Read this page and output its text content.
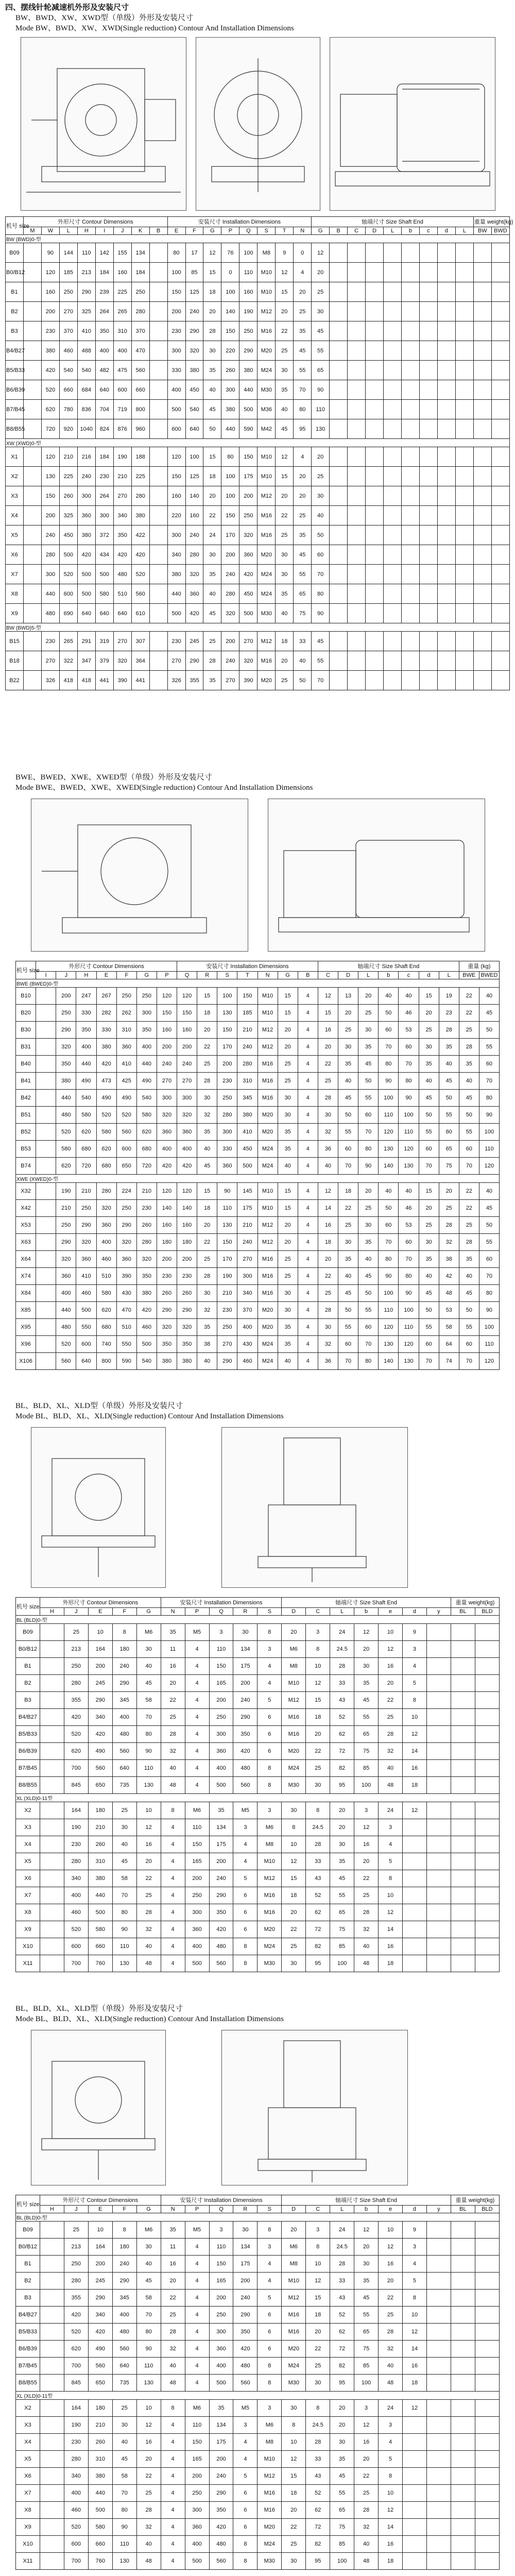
四、摆线针轮减速机外形及安装尺寸
BW、BWD、XW、XWD型（单级）外形及安装尺寸
Mode BW、BWD、XW、XWD(Single reduction) Contour And Installation Dimensions
机号 size	外形尺寸 Contour Dimensions								安装尺寸 Installation Dimensions								轴端尺寸 Size Shaft End									重量 weight(kg)	
	M	W	L	H	I	J	K	B	E	F	G	P	Q	S	T	N	G	B	C	D	L	b	c	d	L	BW	BWD
BW (BWD)0-型																											
B09		90	144	110	142	155	134		80	17	12	76	100	M8	9	0	12										
B0/B12		120	185	213	184	160	184		100	85	15	0	110	M10	12	4	20										
B1		160	250	290	239	225	250		150	125	18	100	160	M10	15	20	25										
B2		200	270	325	264	265	280		200	240	20	140	190	M12	20	25	30										
B3		230	370	410	350	310	370		230	290	28	150	250	M16	22	35	45										
B4/B27		380	460	488	400	400	470		300	320	30	220	290	M20	25	45	55										
B5/B33		420	540	540	482	475	560		330	380	35	260	380	M24	30	55	65										
B6/B39		520	660	684	640	600	660		400	450	40	300	440	M30	35	70	90										
B7/B45		620	780	836	704	719	800		500	540	45	380	500	M36	40	80	110										
B8/B55		720	920	1040	824	876	960		600	640	50	440	590	M42	45	95	130										
XW (XWD)0-型																											
X1		120	210	216	184	190	188		120	100	15	80	150	M10	12	4	20										
X2		130	225	240	230	210	225		150	125	18	100	175	M10	15	20	25										
X3		150	260	300	264	270	280		160	140	20	100	200	M12	20	20	30										
X4		200	325	360	300	340	380		220	160	22	150	250	M16	22	25	40										
X5		240	450	380	372	350	422		300	240	24	170	320	M16	25	35	50										
X6		280	500	420	434	420	420		340	280	30	200	360	M20	30	45	60										
X7		300	520	500	500	480	520		380	320	35	240	420	M24	30	55	70										
X8		440	600	500	580	510	560		440	360	40	280	450	M24	35	65	80										
X9		480	690	640	640	640	610		500	420	45	320	500	M30	40	75	90										
BW (BWD)5-型																											
B15		230	265	291	319	270	307		230	245	25	200	270	M12	18	33	45										
B18		270	322	347	379	320	364		270	290	28	240	320	M16	20	40	55										
B22		326	418	418	441	390	441		326	355	35	270	390	M20	25	50	70										
BWE、BWED、XWE、XWED型（单级）外形及安装尺寸
Mode BWE、BWED、XWE、XWED(Single reduction) Contour And Installation Dimensions
机号 size	外形尺寸 Contour Dimensions							安装尺寸 Installation Dimensions							轴端尺寸 Size Shaft End							重量 (kg)	
	I	J	H	E	F	G	P	Q	R	S	T	N	G	B	C	D	L	b	c	d	L	BWE	BWED
BWE (BWED)0-型																							
B10		200	247	267	250	250	120	120	15	100	150	M10	15	4	12	13	20	40	40	15	19	22	40
B20		250	330	282	262	300	150	150	18	130	185	M10	15	4	15	20	25	50	46	20	23	22	45
B30		290	350	330	310	350	160	160	20	150	210	M12	20	4	16	25	30	60	53	25	28	25	50
B31		320	400	380	360	400	200	200	22	170	240	M12	20	4	20	30	35	70	60	30	35	28	55
B40		350	440	420	410	440	240	240	25	200	280	M16	25	4	22	35	45	80	70	35	40	35	60
B41		380	490	473	425	490	270	270	28	230	310	M16	25	4	25	40	50	90	80	40	45	40	70
B42		440	540	490	490	540	300	300	30	250	345	M16	30	4	28	45	55	100	90	45	50	45	80
B51		480	580	520	520	580	320	320	32	280	380	M20	30	4	30	50	60	110	100	50	55	50	90
B52		520	620	580	560	620	360	360	35	300	410	M20	35	4	32	55	70	120	110	55	60	55	100
B53		580	680	620	600	680	400	400	40	330	450	M24	35	4	36	60	80	130	120	60	65	60	110
B74		620	720	680	650	720	420	420	45	360	500	M24	40	4	40	70	90	140	130	70	75	70	120
XWE (XWED)0-型																							
X32		190	210	280	224	210	120	120	15	90	145	M10	15	4	12	18	20	40	40	15	20	22	40
X42		210	250	320	250	230	140	140	18	110	175	M10	15	4	14	22	25	50	46	20	25	22	45
X53		250	290	360	290	260	160	160	20	130	210	M12	20	4	16	25	30	60	53	25	28	25	50
X63		290	320	400	320	280	180	180	22	150	240	M12	20	4	18	30	35	70	60	30	32	28	55
X64		320	360	460	360	320	200	200	25	170	270	M16	25	4	20	35	40	80	70	35	38	35	60
X74		360	410	510	390	350	230	230	28	190	300	M16	25	4	22	40	45	90	80	40	42	40	70
X84		400	460	580	430	380	260	260	30	210	340	M16	30	4	25	45	50	100	90	45	48	45	80
X85		440	500	620	470	420	290	290	32	230	370	M20	30	4	28	50	55	110	100	50	53	50	90
X95		480	550	680	510	460	320	320	35	250	400	M20	35	4	30	55	60	120	110	55	58	55	100
X96		520	600	740	550	500	350	350	38	270	430	M24	35	4	32	60	70	130	120	60	64	60	110
X106		560	640	800	590	540	380	380	40	290	460	M24	40	4	36	70	80	140	130	70	74	70	120
BL、BLD、XL、XLD型（单级）外形及安装尺寸
Mode BL、BLD、XL、XLD(Single reduction) Contour And Installation Dimensions
机号 size	外形尺寸 Contour Dimensions					安装尺寸 Installation Dimensions					轴端尺寸 Size Shaft End							重量 weight(kg)	
	H	J	E	F	G	N	P	Q	R	S	D	C	L	b	e	d	y	BL	BLD
BL (BLD)0-型																			
B09		25	10	8	M6	35	M5	3	30	8	20	3	24	12	10	9			
B0/B12		213	164	180	30	11	4	110	134	3	M6	8	24.5	20	12	3			
B1		250	200	240	40	16	4	150	175	4	M8	10	28	30	16	4			
B2		280	245	290	45	20	4	165	200	4	M10	12	33	35	20	5			
B3		355	290	345	58	22	4	200	240	5	M12	15	43	45	22	8			
B4/B27		420	340	400	70	25	4	250	290	6	M16	18	52	55	25	10			
B5/B33		520	420	480	80	28	4	300	350	6	M16	20	62	65	28	12			
B6/B39		620	490	560	90	32	4	360	420	6	M20	22	72	75	32	14			
B7/B45		700	560	640	110	40	4	400	480	8	M24	25	82	85	40	16			
B8/B55		845	650	735	130	48	4	500	560	8	M30	30	95	100	48	18			
XL (XLD)0-11型																			
X2		164	180	25	10	8	M6	35	M5	3	30	8	20	3	24	12			
X3		190	210	30	12	4	110	134	3	M6	8	24.5	20	12	3				
X4		230	260	40	16	4	150	175	4	M8	10	28	30	16	4				
X5		280	310	45	20	4	165	200	4	M10	12	33	35	20	5				
X6		340	380	58	22	4	200	240	5	M12	15	43	45	22	8				
X7		400	440	70	25	4	250	290	6	M16	18	52	55	25	10				
X8		460	500	80	28	4	300	350	6	M16	20	62	65	28	12				
X9		520	580	90	32	4	360	420	6	M20	22	72	75	32	14				
X10		600	660	110	40	4	400	480	8	M24	25	82	85	40	16				
X11		700	760	130	48	4	500	560	8	M30	30	95	100	48	18				
BL、BLD、XL、XLD型（单级）外形及安装尺寸
Mode BL、BLD、XL、XLD(Single reduction) Contour And Installation Dimensions
机号 size	外形尺寸 Contour Dimensions					安装尺寸 Installation Dimensions					轴端尺寸 Size Shaft End							重量 weight(kg)	
	H	J	E	F	G	N	P	Q	R	S	D	C	L	b	e	d	y	BL	BLD
BL (BLD)0-型																			
B09		25	10	8	M6	35	M5	3	30	8	20	3	24	12	10	9			
B0/B12		213	164	180	30	11	4	110	134	3	M6	8	24.5	20	12	3			
B1		250	200	240	40	16	4	150	175	4	M8	10	28	30	16	4			
B2		280	245	290	45	20	4	165	200	4	M10	12	33	35	20	5			
B3		355	290	345	58	22	4	200	240	5	M12	15	43	45	22	8			
B4/B27		420	340	400	70	25	4	250	290	6	M16	18	52	55	25	10			
B5/B33		520	420	480	80	28	4	300	350	6	M16	20	62	65	28	12			
B6/B39		620	490	560	90	32	4	360	420	6	M20	22	72	75	32	14			
B7/B45		700	560	640	110	40	4	400	480	8	M24	25	82	85	40	16			
B8/B55		845	650	735	130	48	4	500	560	8	M30	30	95	100	48	18			
XL (XLD)0-11型																			
X2		164	180	25	10	8	M6	35	M5	3	30	8	20	3	24	12			
X3		190	210	30	12	4	110	134	3	M6	8	24.5	20	12	3				
X4		230	260	40	16	4	150	175	4	M8	10	28	30	16	4				
X5		280	310	45	20	4	165	200	4	M10	12	33	35	20	5				
X6		340	380	58	22	4	200	240	5	M12	15	43	45	22	8				
X7		400	440	70	25	4	250	290	6	M16	18	52	55	25	10				
X8		460	500	80	28	4	300	350	6	M16	20	62	65	28	12				
X9		520	580	90	32	4	360	420	6	M20	22	72	75	32	14				
X10		600	660	110	40	4	400	480	8	M24	25	82	85	40	16				
X11		700	760	130	48	4	500	560	8	M30	30	95	100	48	18				
